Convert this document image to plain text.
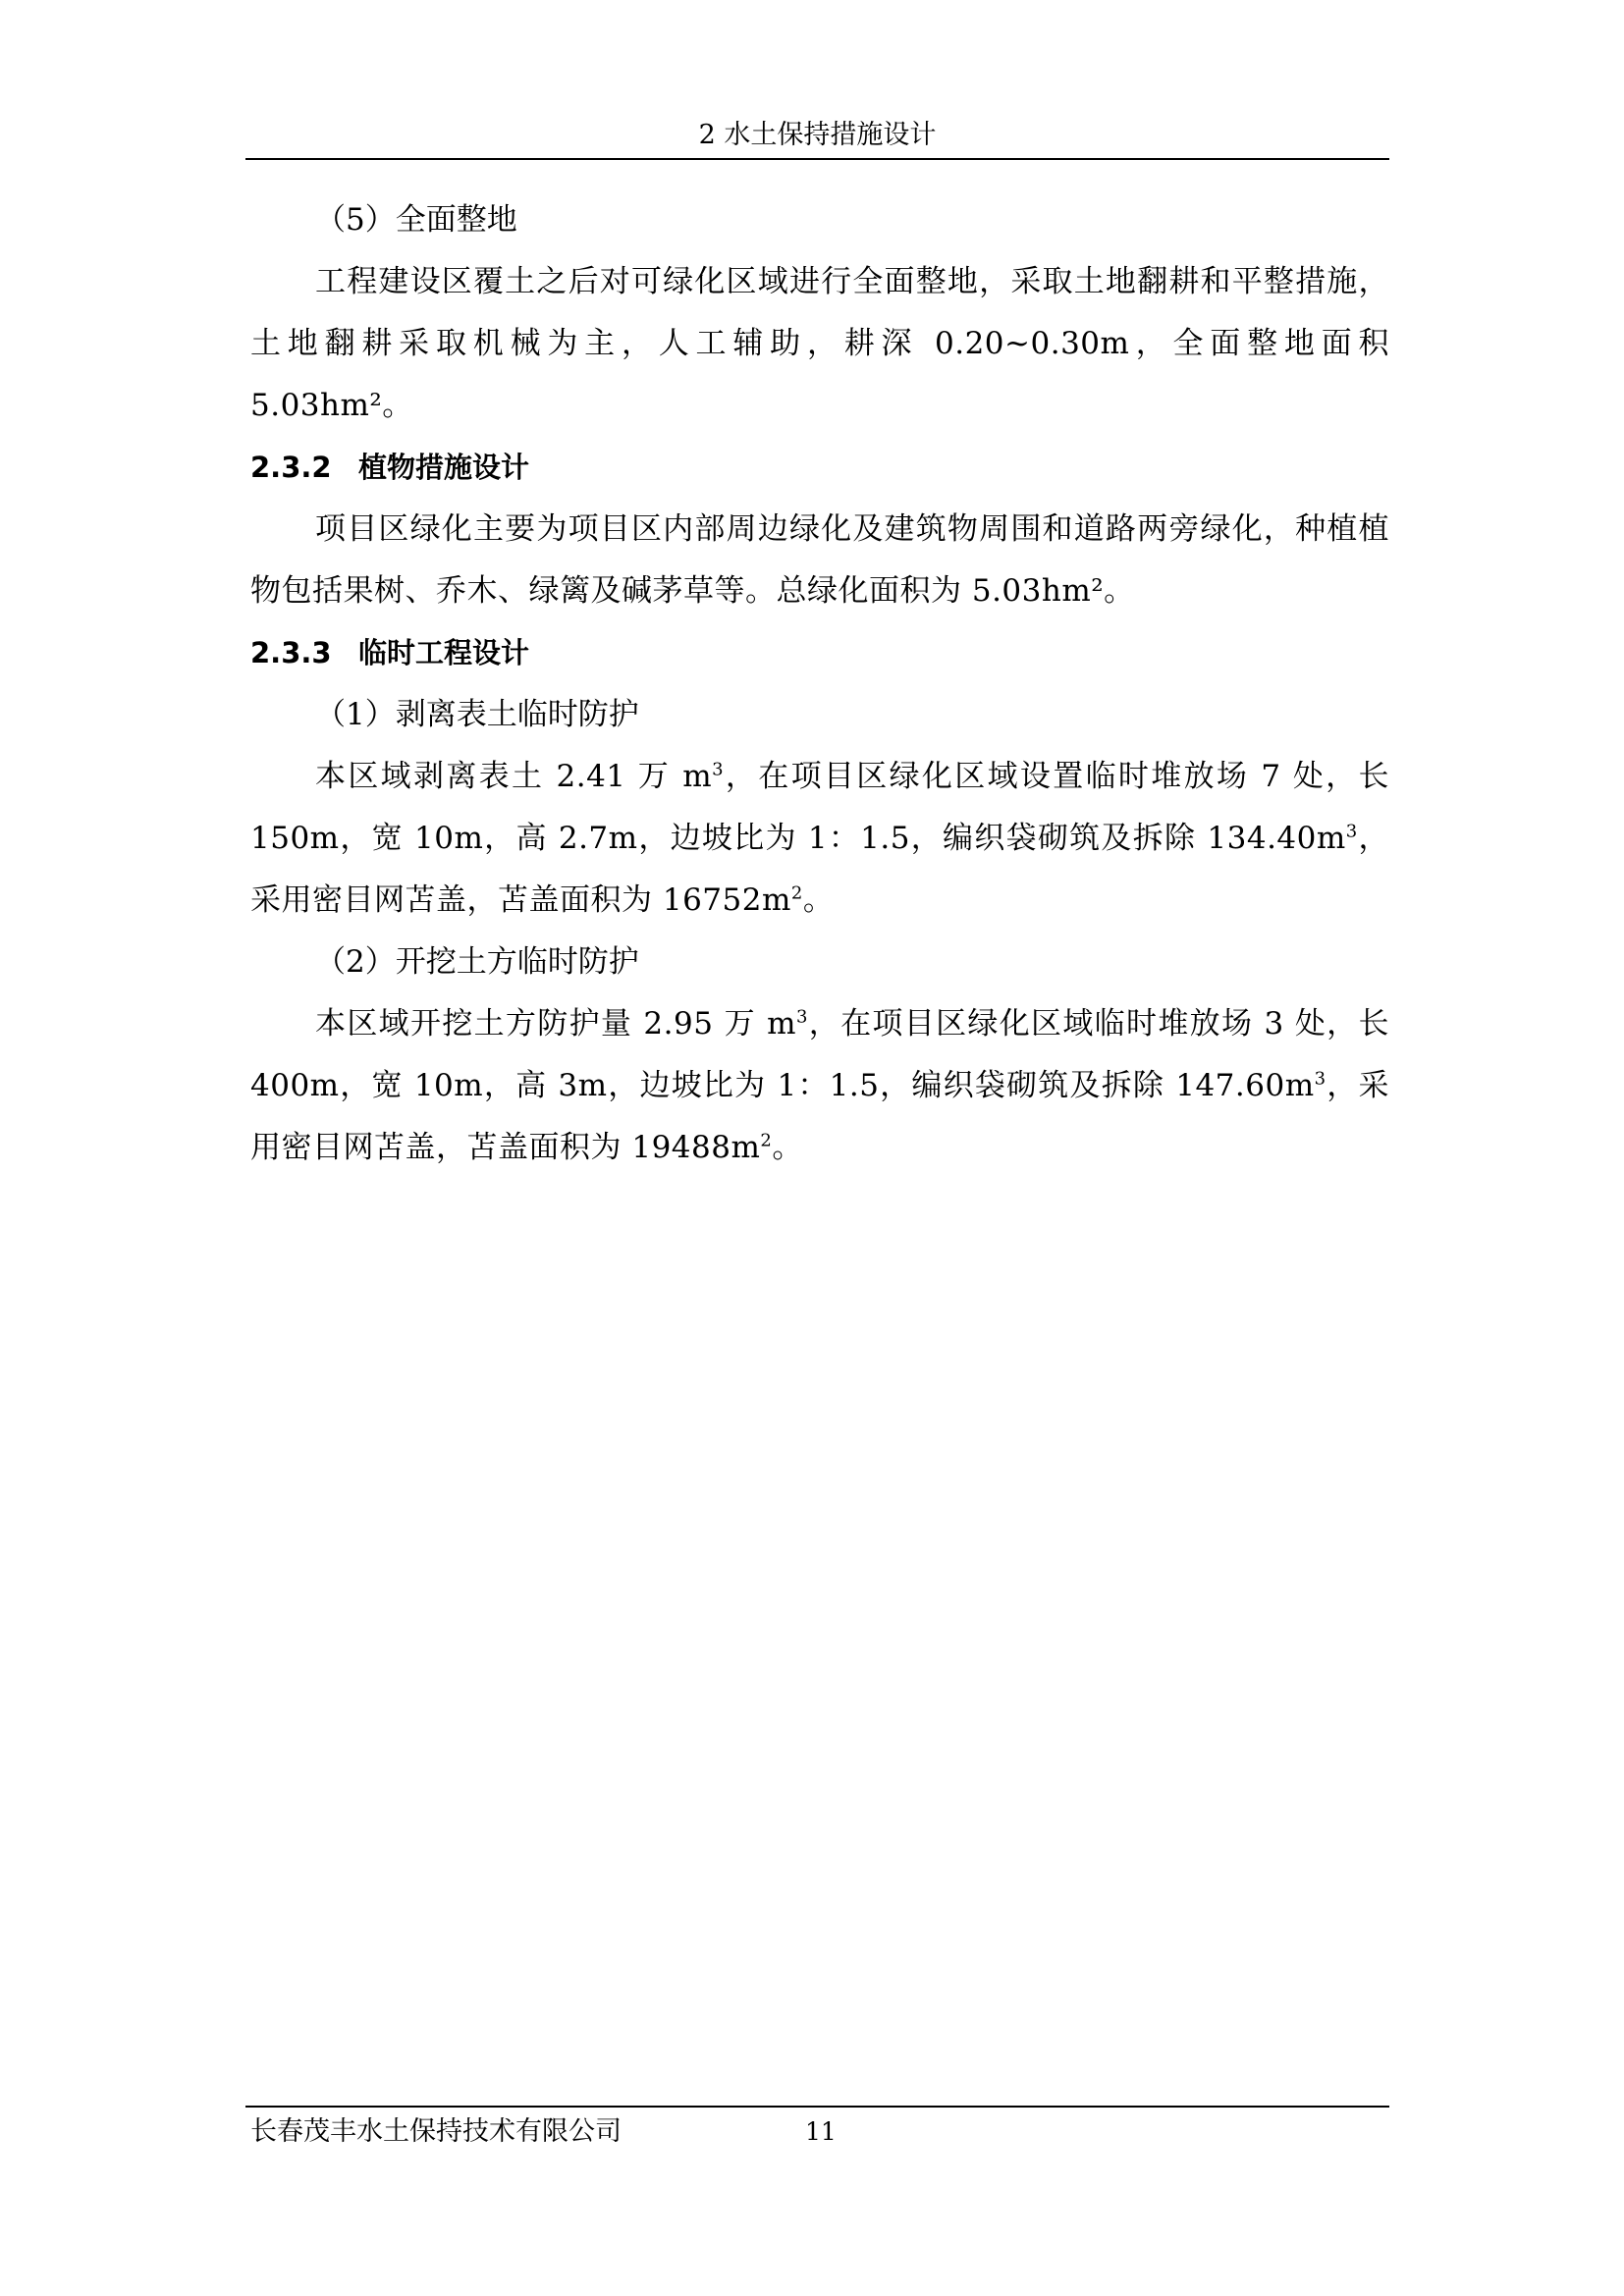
2 水土保持措施设计

（5）全面整地

工程建设区覆土之后对可绿化区域进行全面整地，采取土地翻耕和平整措施，土地翻耕采取机械为主，人工辅助，耕深 0.20~0.30m，全面整地面积 5.03hm²。

2.3.2 植物措施设计

项目区绿化主要为项目区内部周边绿化及建筑物周围和道路两旁绿化，种植植物包括果树、乔木、绿篱及碱茅草等。总绿化面积为 5.03hm²。

2.3.3 临时工程设计

（1）剥离表土临时防护

本区域剥离表土 2.41 万 $m^3$，在项目区绿化区域设置临时堆放场 7 处，长 150m，宽 10m，高 2.7m，边坡比为 1：1.5，编织袋砌筑及拆除 $134.40m^3$，采用密目网苫盖，苫盖面积为 $16752m^2$。

（2）开挖土方临时防护

本区域开挖土方防护量 2.95 万 $m^3$，在项目区绿化区域临时堆放场 3 处，长 400m，宽 10m，高 3m，边坡比为 1：1.5，编织袋砌筑及拆除 $147.60m^3$，采用密目网苫盖，苫盖面积为 $19488m^2$。

长春茂丰水土保持技术有限公司	11
